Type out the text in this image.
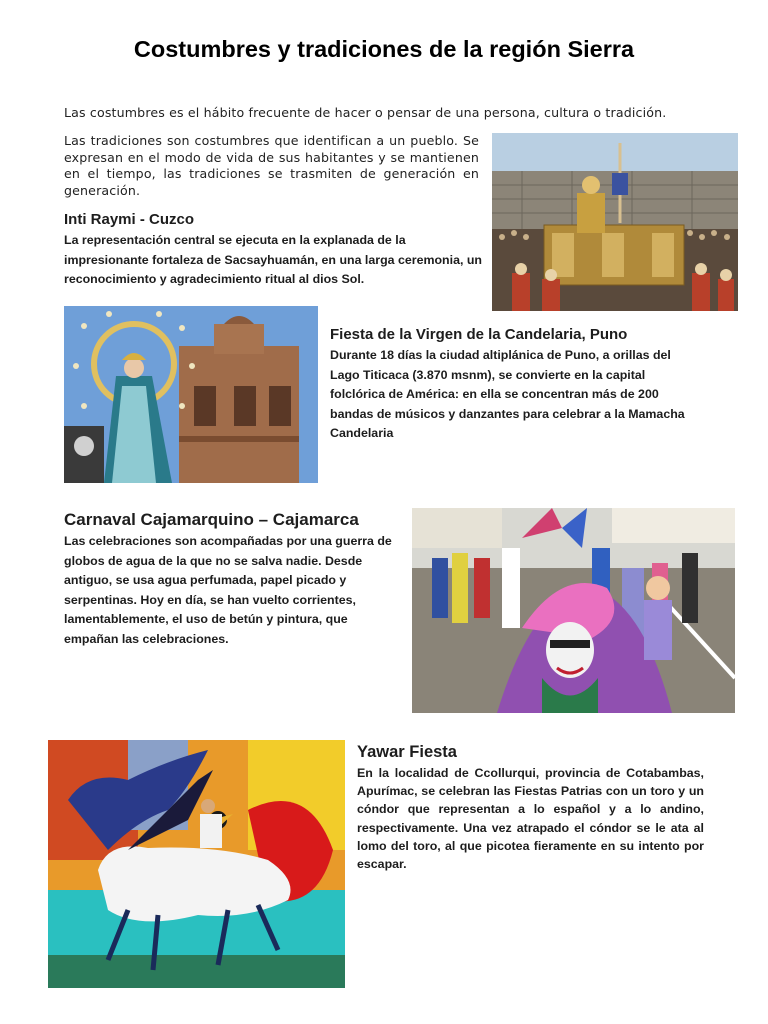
Costumbres y tradiciones de la región Sierra
Las costumbres es el hábito frecuente de hacer o pensar de una persona, cultura o tradición.
Las tradiciones son costumbres que identifican a un pueblo. Se expresan en el modo de vida de sus habitantes y se mantienen en el tiempo, las tradiciones se trasmiten de generación en generación.
Inti Raymi - Cuzco
La representación central se ejecuta en la explanada de la impresionante fortaleza de Sacsayhuamán, en una larga ceremonia, un reconocimiento y agradecimiento ritual al dios Sol.
Fiesta de la Virgen de la Candelaria, Puno
Durante 18 días la ciudad altiplánica de Puno, a orillas del Lago Titicaca (3.870 msnm), se convierte en la capital folclórica de América: en ella se concentran más de 200 bandas de músicos y danzantes para celebrar a la Mamacha Candelaria
Carnaval Cajamarquino – Cajamarca
Las celebraciones son acompañadas por una guerra de globos de agua de la que no se salva nadie. Desde antiguo, se usa agua perfumada, papel picado y serpentinas. Hoy en día, se han vuelto corrientes, lamentablemente, el uso de betún y pintura, que empañan las celebraciones.
Yawar Fiesta
En la localidad de Ccollurqui, provincia de Cotabambas, Apurímac, se celebran las Fiestas Patrias con un toro y un cóndor que representan a lo español y a lo andino, respectivamente. Una vez atrapado el cóndor se le ata al lomo del toro, al que picotea fieramente en su intento por escapar.
